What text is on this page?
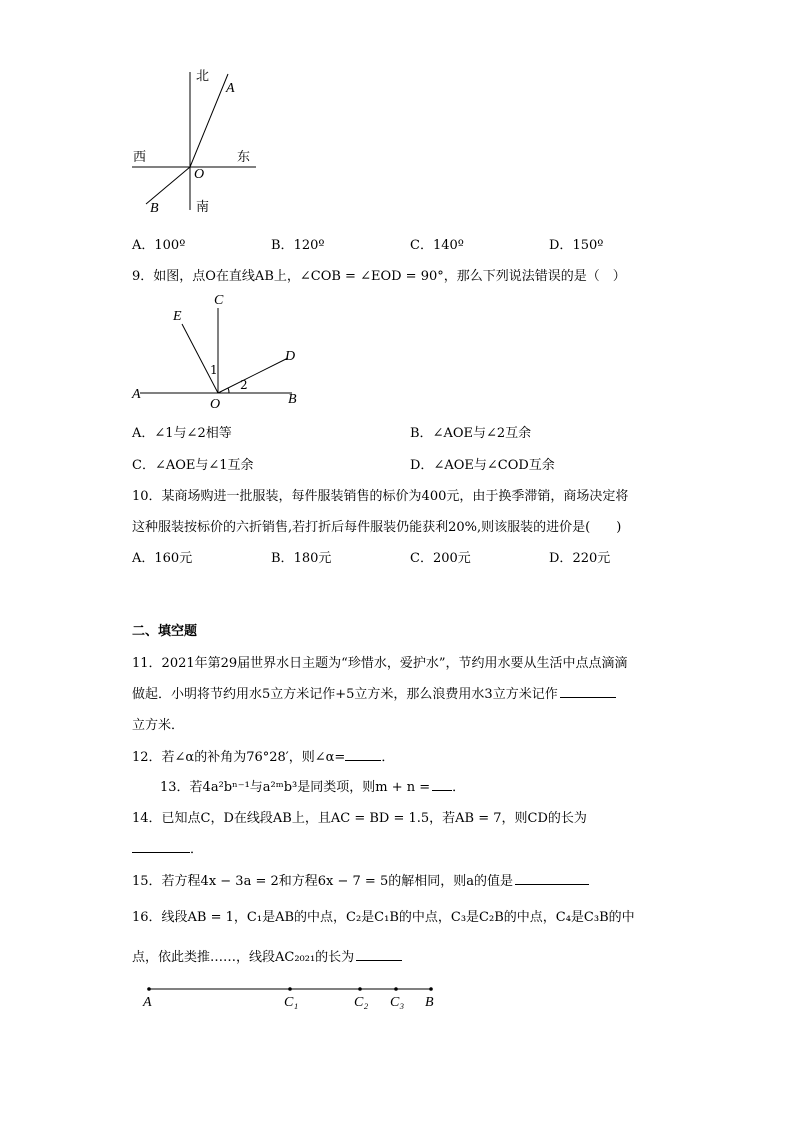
北
南
西	东
A
B
O
A．100º	B．120º	C．140º	D．150º
9．如图，点O在直线AB上，∠COB = ∠EOD = 90°，那么下列说法错误的是（　）
C
E
D
A
O	B
1
2
A．∠1与∠2相等	B．∠AOE与∠2互余
C．∠AOE与∠1互余	D．∠AOE与∠COD互余
10．某商场购进一批服装，每件服装销售的标价为400元，由于换季滞销，商场决定将
这种服装按标价的六折销售,若打折后每件服装仍能获利20%,则该服装的进价是(　　)
A．160元	B．180元	C．200元	D．220元
二、填空题
11．2021年第29届世界水日主题为“珍惜水，爱护水”，节约用水要从生活中点点滴滴
做起．小明将节约用水5立方米记作+5立方米，那么浪费用水3立方米记作
立方米．
12．若∠α的补角为76°28′，则∠α=	．
13．若4a²bⁿ⁻¹与a²ᵐb³是同类项，则m + n = ．
14．已知点C，D在线段AB上，且AC = BD = 1.5，若AB = 7，则CD的长为
．
15．若方程4x − 3a = 2和方程6x − 7 = 5的解相同，则a的值是
16．线段AB = 1，C₁是AB的中点，C₂是C₁B的中点，C₃是C₂B的中点，C₄是C₃B的中
点，依此类推……，线段AC₂₀₂₁的长为
A	C₁	C₂ C₃ B
